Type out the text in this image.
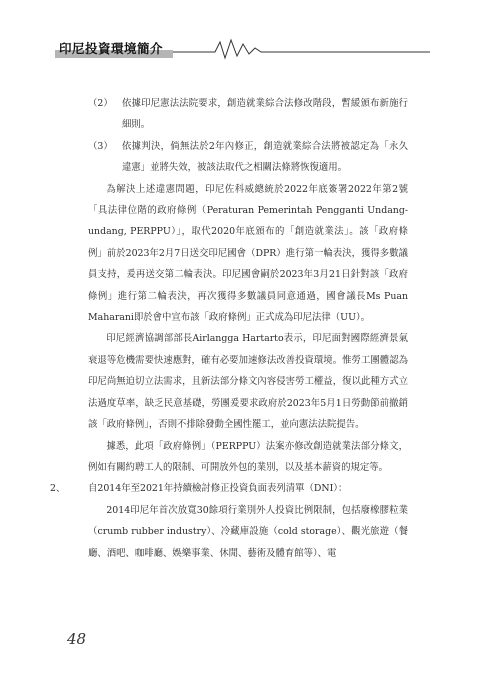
印尼投資環境簡介
（2） 依據印尼憲法法院要求，創造就業綜合法修改階段，暫緩頒布新施行細則。
（3） 依據判決，倘無法於2年內修正，創造就業綜合法將被認定為「永久違憲」並將失效，被該法取代之相關法條將恢復適用。

為解決上述違憲問題，印尼佐科威總統於2022年底簽署2022年第2號「具法律位階的政府條例（Peraturan Pemerintah Pengganti Undang-undang, PERPPU）」，取代2020年底頒布的「創造就業法」。該「政府條例」前於2023年2月7日送交印尼國會（DPR）進行第一輪表決，獲得多數議員支持，爰再送交第二輪表決。印尼國會嗣於2023年3月21日針對該「政府條例」進行第二輪表決，再次獲得多數議員同意通過，國會議長Ms Puan Maharani即於會中宣布該「政府條例」正式成為印尼法律（UU）。

印尼經濟協調部部長Airlangga Hartarto表示，印尼面對國際經濟景氣衰退等危機需要快速應對，確有必要加速修法改善投資環境。惟勞工團體認為印尼尚無迫切立法需求，且新法部分條文內容侵害勞工權益，復以此種方式立法過度草率，缺乏民意基礎，勞團爰要求政府於2023年5月1日勞動節前撤銷該「政府條例」，否則不排除發動全國性罷工，並向憲法法院提告。

據悉，此項「政府條例」（PERPPU）法案亦修改創造就業法部分條文，例如有關約聘工人的限制、可開放外包的業別，以及基本薪資的規定等。

2、	自2014年至2021年持續檢討修正投資負面表列清單（DNI）：

2014印尼年首次放寬30餘項行業別外人投資比例限制，包括廢橡膠粒業（crumb rubber industry）、冷藏庫設施（cold storage）、觀光旅遊（餐廳、酒吧、咖啡廳、娛樂事業、休閒、藝術及體育館等）、電

48
